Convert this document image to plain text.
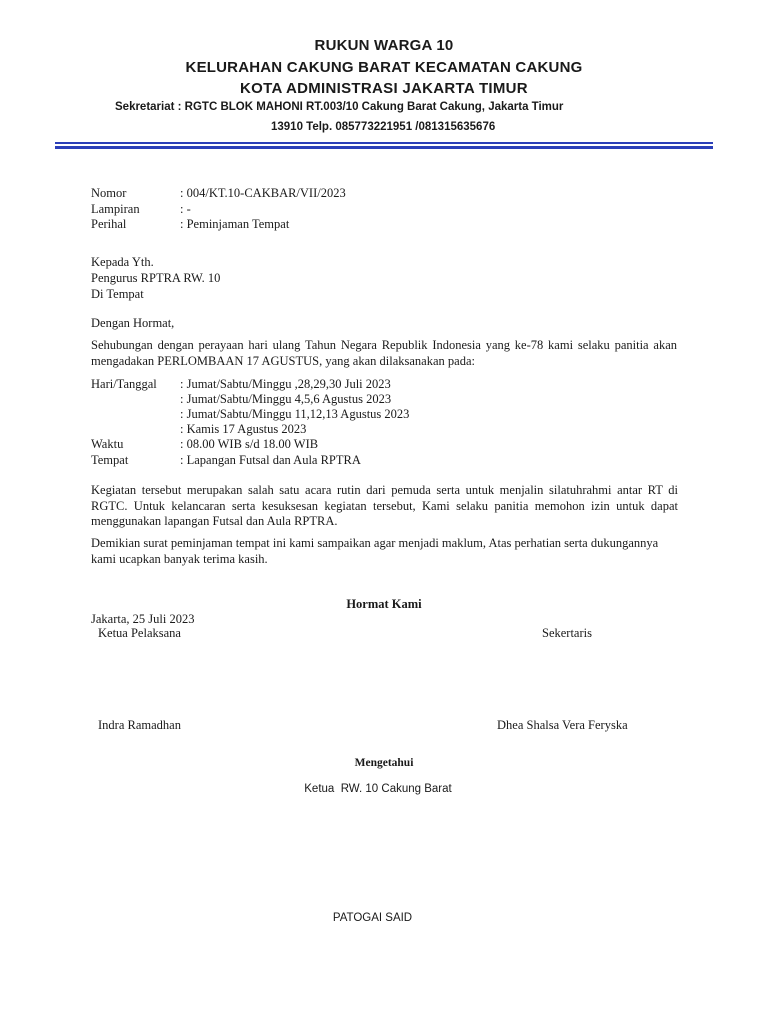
RUKUN WARGA 10
KELURAHAN CAKUNG BARAT KECAMATAN CAKUNG
KOTA ADMINISTRASI JAKARTA TIMUR
Sekretariat : RGTC BLOK MAHONI RT.003/10 Cakung Barat Cakung, Jakarta Timur
13910 Telp. 085773221951 /081315635676
Nomor	: 004/KT.10-CAKBAR/VII/2023
Lampiran	: -
Perihal	: Peminjaman Tempat
Kepada Yth.
Pengurus RPTRA RW. 10
Di Tempat
Dengan Hormat,
Sehubungan dengan perayaan hari ulang Tahun Negara Republik Indonesia yang ke-78 kami selaku panitia akan mengadakan PERLOMBAAN 17 AGUSTUS, yang akan dilaksanakan pada:
Hari/Tanggal : Jumat/Sabtu/Minggu ,28,29,30 Juli 2023
: Jumat/Sabtu/Minggu 4,5,6 Agustus 2023
: Jumat/Sabtu/Minggu 11,12,13 Agustus 2023
: Kamis 17 Agustus 2023
Waktu	: 08.00 WIB s/d 18.00 WIB
Tempat	: Lapangan Futsal dan Aula RPTRA
Kegiatan tersebut merupakan salah satu acara rutin dari pemuda serta untuk menjalin silatuhrahmi antar RT di RGTC. Untuk kelancaran serta kesuksesan kegiatan tersebut, Kami selaku panitia memohon izin untuk dapat menggunakan lapangan Futsal dan Aula RPTRA.
Demikian surat peminjaman tempat ini kami sampaikan agar menjadi maklum, Atas perhatian serta dukungannya kami ucapkan banyak terima kasih.
Hormat Kami
Jakarta, 25 Juli 2023
Ketua Pelaksana	Sekertaris
Indra Ramadhan	Dhea Shalsa Vera Feryska
Mengetahui
Ketua  RW. 10 Cakung Barat
PATOGAI SAID
